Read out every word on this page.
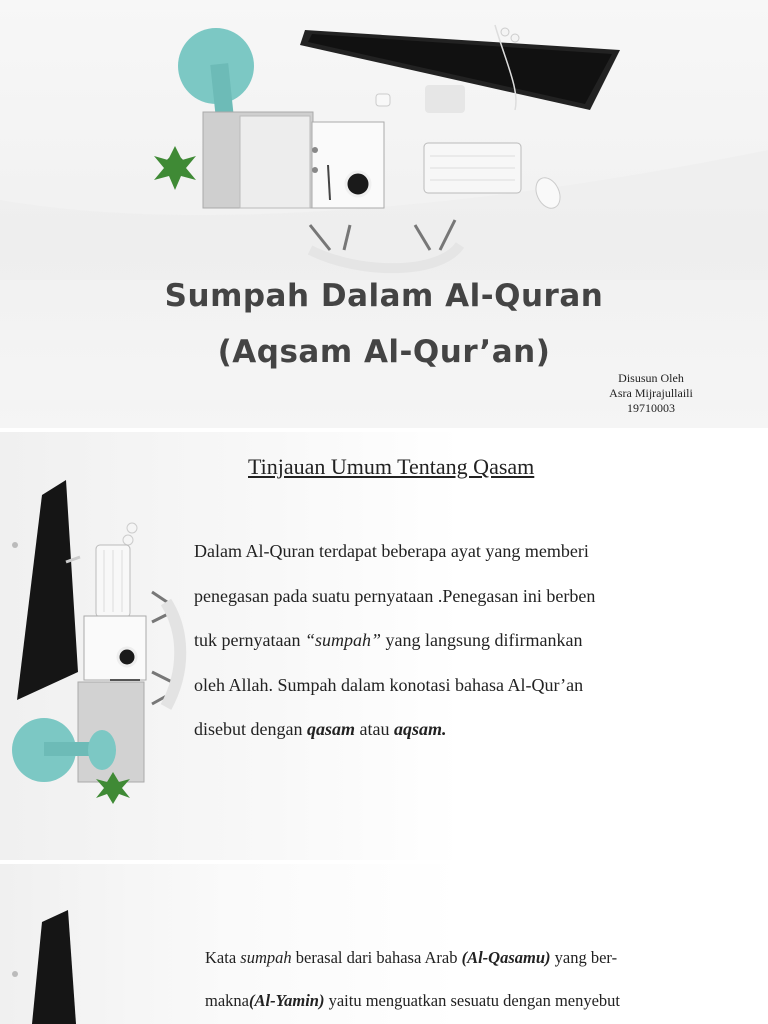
Sumpah Dalam Al-Quran
(Aqsam Al-Qur’an)
Disusun Oleh
Asra Mijrajullaili
19710003
Tinjauan Umum Tentang Qasam
Dalam Al-Quran terdapat beberapa ayat yang memberi
penegasan pada suatu pernyataan .Penegasan ini berben
tuk pernyataan “sumpah” yang langsung difirmankan
oleh Allah. Sumpah dalam konotasi bahasa Al-Qur’an
disebut dengan qasam atau aqsam.
Kata sumpah berasal dari bahasa Arab (Al-Qasamu) yang ber-
makna(Al-Yamin) yaitu menguatkan sesuatu dengan menyebut
